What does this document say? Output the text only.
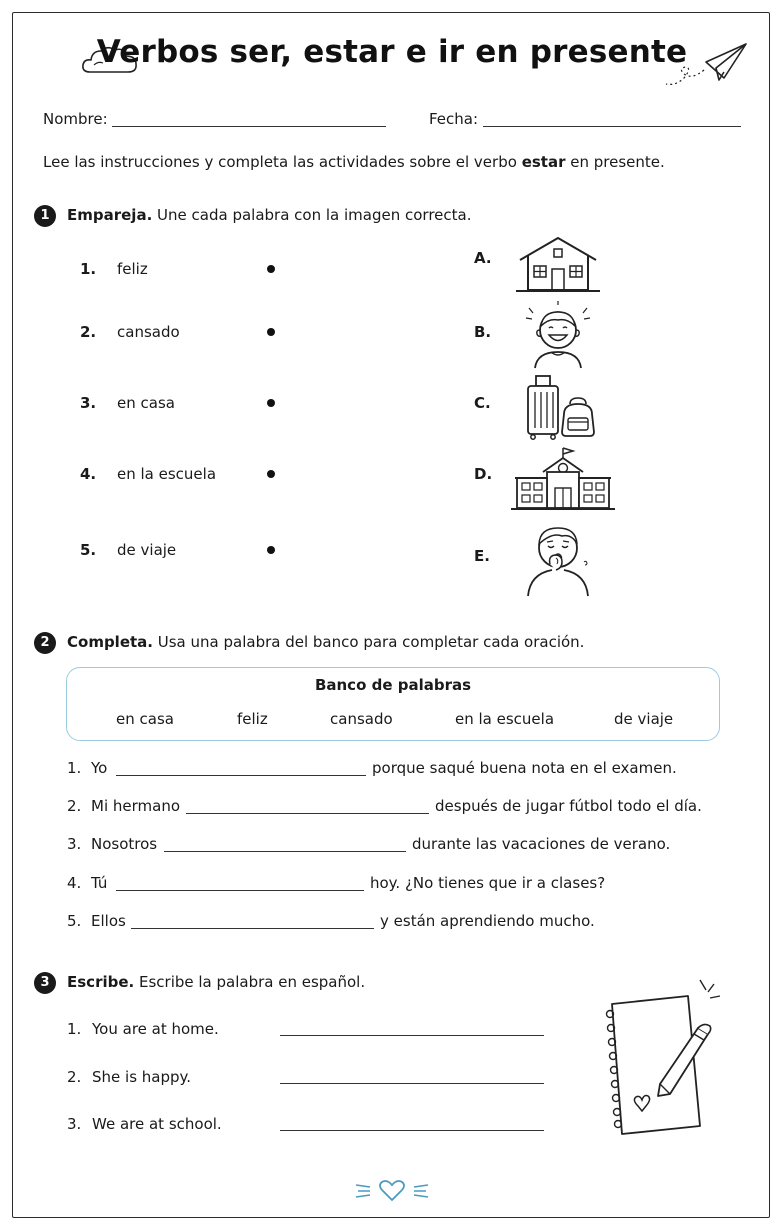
Verbos ser, estar e ir en presente
Nombre:	Fecha:
Lee las instrucciones y completa las actividades sobre el verbo estar en presente.
1	Empareja. Une cada palabra con la imagen correcta.
1. feliz
2. cansado
3. en casa
4. en la escuela
5. de viaje
A.
B.
C.
D.
E.
2	Completa. Usa una palabra del banco para completar cada oración.
Banco de palabras
en casa	feliz	cansado	en la escuela	de viaje
1. Yo	porque saqué buena nota en el examen.
2. Mi hermano	después de jugar fútbol todo el día.
3. Nosotros	durante las vacaciones de verano.
4. Tú	hoy. ¿No tienes que ir a clases?
5. Ellos	y están aprendiendo mucho.
3	Escribe. Escribe la palabra en español.
1. You are at home.
2. She is happy.
3. We are at school.
